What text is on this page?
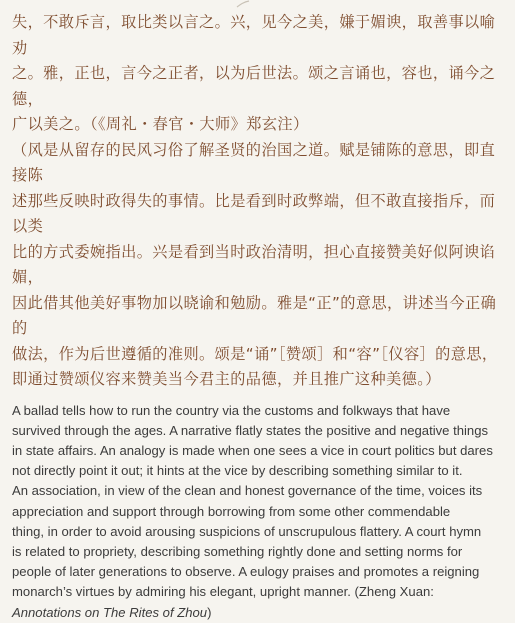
失，不敢斥言，取比类以言之。兴，见今之美，嫌于媚谀，取善事以喻劝
之。雅，正也，言今之正者，以为后世法。颂之言诵也，容也，诵今之德，
广以美之。（《周礼・春官・大师》郑玄注）

（风是从留存的民风习俗了解圣贤的治国之道。赋是铺陈的意思，即直接陈
述那些反映时政得失的事情。比是看到时政弊端，但不敢直接指斥，而以类
比的方式委婉指出。兴是看到当时政治清明，担心直接赞美好似阿谀谄媚，
因此借其他美好事物加以晓谕和勉励。雅是“正”的意思，讲述当今正确的
做法，作为后世遵循的准则。颂是“诵”［赞颂］和“容”［仪容］的意思，
即通过赞颂仪容来赞美当今君主的品德，并且推广这种美德。）

A ballad tells how to run the country via the customs and folkways that have
survived through the ages. A narrative flatly states the positive and negative things
in state affairs. An analogy is made when one sees a vice in court politics but dares
not directly point it out; it hints at the vice by describing something similar to it.
An association, in view of the clean and honest governance of the time, voices its
appreciation and support through borrowing from some other commendable
thing, in order to avoid arousing suspicions of unscrupulous flattery. A court hymn
is related to propriety, describing something rightly done and setting norms for
people of later generations to observe. A eulogy praises and promotes a reigning
monarch’s virtues by admiring his elegant, upright manner. (Zheng Xuan:
Annotations on The Rites of Zhou)
